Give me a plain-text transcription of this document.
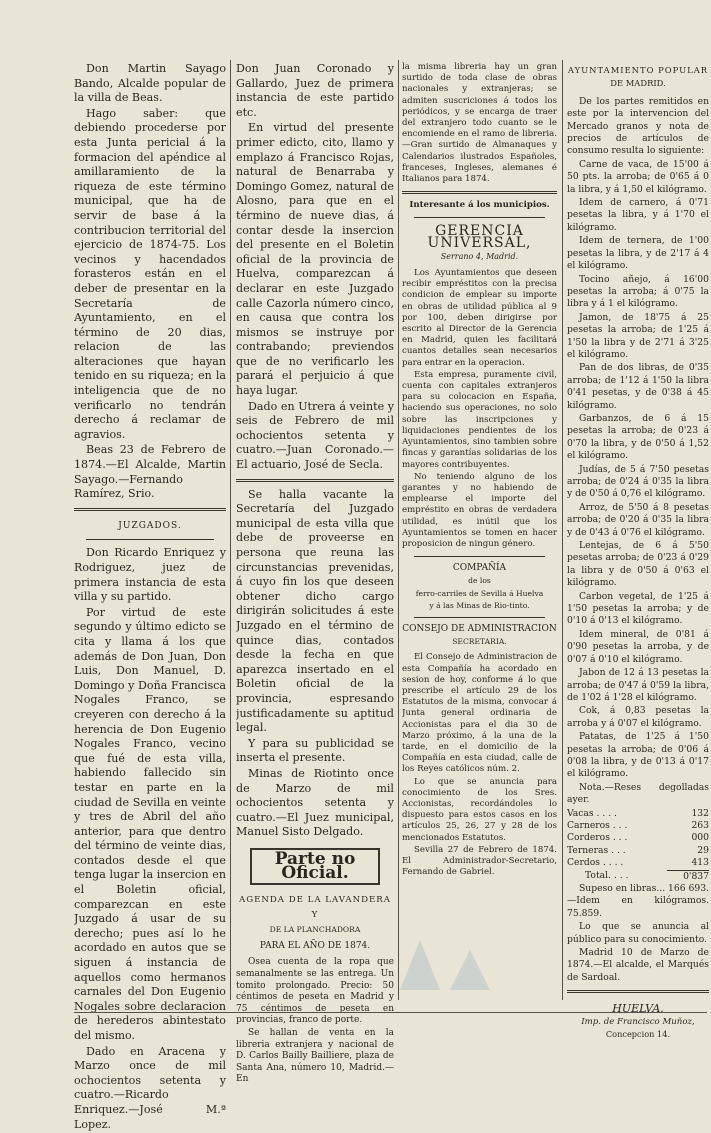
Don Martin Sayago Bando, Alcalde popular de la villa de Beas.

Hago saber: que debiendo procederse por esta Junta pericial á la formacion del apéndice al amillaramiento de la riqueza de este término municipal, que ha de servir de base á la contribucion territorial del ejercicio de 1874-75. Los vecinos y hacendados forasteros están en el deber de presentar en la Secretaría de Ayuntamiento, en el término de 20 dias, relacion de las alteraciones que hayan tenido en su riqueza; en la inteligencia que de no verificarlo no tendrán derecho á reclamar de agravios.

Beas 23 de Febrero de 1874.—El Alcalde, Martin Sayago.—Fernando Ramírez, Srio.

JUZGADOS.

Don Ricardo Enriquez y Rodriguez, juez de primera instancia de esta villa y su partido.

Por virtud de este segundo y último edicto se cita y llama á los que además de Don Juan, Don Luis, Don Manuel, D. Domingo y Doña Francisca Nogales Franco, se creyeren con derecho á la herencia de Don Eugenio Nogales Franco, vecino que fué de esta villa, habiendo fallecido sin testar en parte en la ciudad de Sevilla en veinte y tres de Abril del año anterior, para que dentro del término de veinte dias, contados desde el que tenga lugar la insercion en el Boletin oficial, comparezcan en este Juzgado á usar de su derecho; pues así lo he acordado en autos que se siguen á instancia de aquellos como hermanos carnales del Don Eugenio Nogales sobre declaracion de herederos abintestato del mismo.

Dado en Aracena y Marzo once de mil ochocientos setenta y cuatro.—Ricardo Enriquez.—José M.ª Lopez.

Don Juan Coronado y Gallardo, Juez de primera instancia de este partido etc.

En virtud del presente primer edicto, cito, llamo y emplazo á Francisco Rojas, natural de Benarraba y Domingo Gomez, natural de Alosno, para que en el término de nueve dias, á contar desde la insercion del presente en el Boletin oficial de la provincia de Huelva, comparezcan á declarar en este Juzgado calle Cazorla número cinco, en causa que contra los mismos se instruye por contrabando; previendos que de no verificarlo les parará el perjuicio á que haya lugar.

Dado en Utrera á veinte y seis de Febrero de mil ochocientos setenta y cuatro.—Juan Coronado.—El actuario, José de Secla.

Se halla vacante la Secretaría del Juzgado municipal de esta villa que debe de proveerse en persona que reuna las circunstancias prevenidas, á cuyo fin los que deseen obtener dicho cargo dirigirán solicitudes á este Juzgado en el término de quince dias, contados desde la fecha en que aparezca insertado en el Boletin oficial de la provincia, espresando justificadamente su aptitud legal.

Y para su publicidad se inserta el presente.

Minas de Riotinto once de Marzo de mil ochocientos setenta y cuatro.—El Juez municipal, Manuel Sisto Delgado.

Parte no Oficial.
AGENDA DE LA LAVANDERA Y
DE LA PLANCHADORA
PARA EL AÑO DE 1874.

Osea cuenta de la ropa que semanalmente se las entrega. Un tomito prolongado. Precio: 50 céntimos de peseta en Madrid y 75 céntimos de peseta en provincias, franco de porte.

Se hallan de venta en la libreria extranjera y nacional de D. Carlos Bailly Bailliere, plaza de Santa Ana, número 10, Madrid.—En

la misma libreria hay un gran surtido de toda clase de obras nacionales y extranjeras; se admiten suscriciones á todos los periódicos, y se encarga de traer del extranjero todo cuanto se le encomiende en el ramo de libreria.—Gran surtido de Almanaques y Calendarios ilustrados Españoles, franceses, Ingleses, alemanes é Italianos para 1874.

Interesante á los municipios.
GERENCIA UNIVERSAL,
Serrano 4, Madrid.

Los Ayuntamientos que deseen recibir empréstitos con la precisa condicion de emplear su importe en obras de utilidad pública al 9 por 100, deben dirigirse por escrito al Director de la Gerencia en Madrid, quien les facilitará cuantos detalles sean necesarios para entrar en la operacion.

Esta empresa, puramente civil, cuenta con capitales extranjeros para su colocacion en España, haciendo sus operaciones, no solo sobre las inscripciones y liquidaciones pendientes de los Ayuntamientos, sino tambien sobre fincas y garantías solidarias de los mayores contribuyentes.

No teniendo alguno de los garantes y no habiendo de emplearse el importe del empréstito en obras de verdadera utilidad, es inútil que los Ayuntamientos se tomen en hacer proposicion de ningun género.

COMPAÑÍA
de los
ferro-carriles de Sevilla á Huelva
y á las Minas de Rio-tinto.
CONSEJO DE ADMINISTRACION
SECRETARIA.

El Consejo de Administracion de esta Compañía ha acordado en sesion de hoy, conforme á lo que prescribe el artículo 29 de los Estatutos de la misma, convocar á Junta general ordinaria de Accionistas para el dia 30 de Marzo próximo, á la una de la tarde, en el domicilio de la Compañía en esta ciudad, calle de los Reyes católicos núm. 2.

Lo que se anuncia para conocimiento de los Sres. Accionistas, recordándoles lo dispuesto para estos casos en los artículos 25, 26, 27 y 28 de los mencionados Estatutos.

Sevilla 27 de Febrero de 1874. El Administrador-Secretario, Fernando de Gabriel.

AYUNTAMIENTO POPULAR
DE MADRID.

De los partes remitidos en este por la intervencion del Mercado granos y nota de precios de artículos de consumo resulta lo siguiente:

Carne de vaca, de 15'00 á 50 pts. la arroba; de 0'65 á 0 la libra, y á 1,50 el kilógramo.

Idem de carnero, á 0'71 pesetas la libra, y á 1'70 el kilógramo.

Idem de ternera, de 1'00 pesetas la libra, y de 2'17 á 4 el kilógramo.

Tocino añejo, á 16'00 pesetas la arroba; á 0'75 la libra y á 1 el kilógramo.

Jamon, de 18'75 á 25 pesetas la arroba; de 1'25 á 1'50 la libra y de 2'71 á 3'25 el kilógramo.

Pan de dos libras, de 0'35 arroba; de 1'12 á 1'50 la libra 0'41 pesetas, y de 0'38 á 45 kilógramo.

Garbanzos, de 6 á 15 pesetas la arroba; de 0'23 á 0'70 la libra, y de 0'50 á 1,52 el kilógramo.

Judías, de 5 á 7'50 pesetas arroba; de 0'24 á 0'35 la libra y de 0'50 á 0,76 el kilógramo.

Arroz, de 5'50 á 8 pesetas arroba; de 0'20 á 0'35 la libra y de 0'43 á 0'76 el kilógramo.

Lentejas, de 6 á 5'50 pesetas arroba; de 0'23 á 0'29 la libra y de 0'50 á 0'63 el kilógramo.

Carbon vegetal, de 1'25 á 1'50 pesetas la arroba; y de 0'10 á 0'13 el kilógramo.

Idem mineral, de 0'81 á 0'90 pesetas la arroba, y de 0'07 á 0'10 el kilógramo.

Jabon de 12 á 13 pesetas la arroba; de 0'47 á 0'59 la libra, de 1'02 á 1'28 el kilógramo.

Cok, á 0,83 pesetas la arroba y á 0'07 el kilógramo.

Patatas, de 1'25 á 1'50 pesetas la arroba; de 0'06 á 0'08 la libra, y de 0'13 á 0'17 el kilógramo.

Nota.—Reses degolladas ayer.

Vacas . . . .	132
Carneros . . .	263
Corderos . . .	000
Terneras . . .	29
Cerdos . . . .	413
Total. . . .	0'837

Supeso en libras... 166 693.—Idem en kilógramos. 75.859.

Lo que se anuncia al público para su conocimiento.

Madrid 10 de Marzo de 1874.—El alcalde, el Marqués de Sardoal.

HUELVA.
Imp. de Francisco Muñoz,
Concepcion 14.
